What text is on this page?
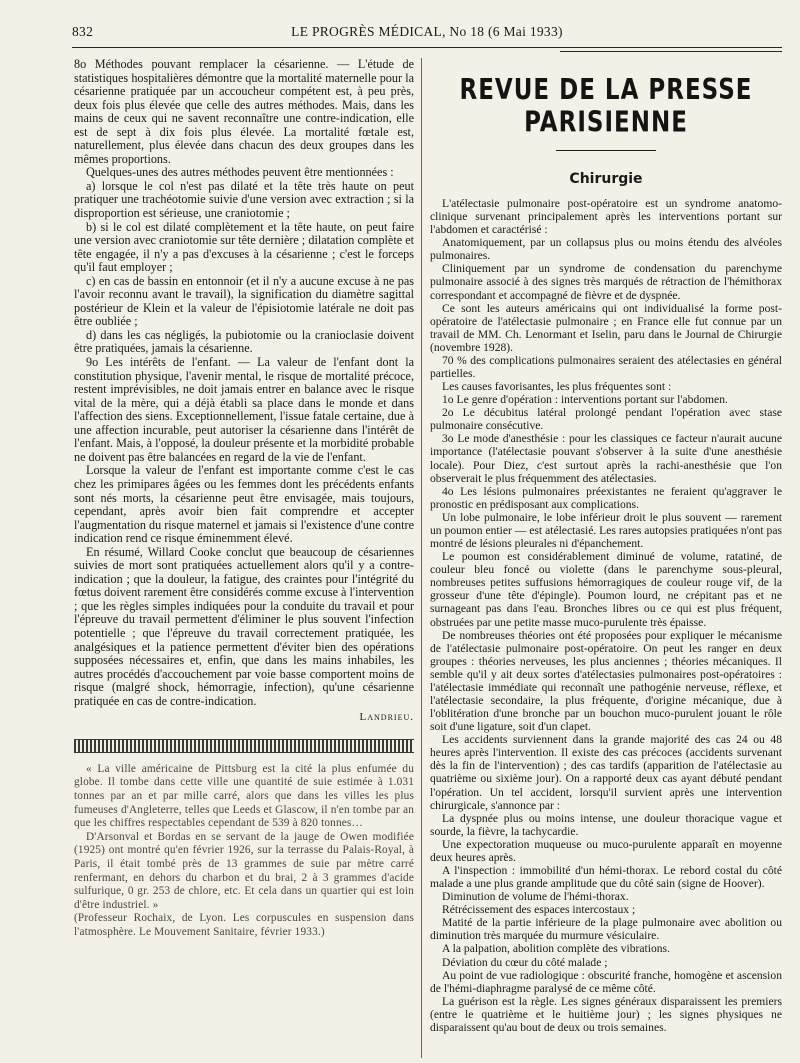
832	LE PROGRÈS MÉDICAL, No 18 (6 Mai 1933)

8o Méthodes pouvant remplacer la césarienne. — L'étude de statistiques hospitalières démontre que la mortalité maternelle pour la césarienne pratiquée par un accoucheur compétent est, à peu près, deux fois plus élevée que celle des autres méthodes. Mais, dans les mains de ceux qui ne savent reconnaître une contre-indication, elle est de sept à dix fois plus élevée. La mortalité fœtale est, naturellement, plus élevée dans chacun des deux groupes dans les mêmes proportions.

Quelques-unes des autres méthodes peuvent être mentionnées :

a) lorsque le col n'est pas dilaté et la tête très haute on peut pratiquer une trachéotomie suivie d'une version avec extraction ; si la disproportion est sérieuse, une craniotomie ;

b) si le col est dilaté complètement et la tête haute, on peut faire une version avec craniotomie sur tête dernière ; dilatation complète et tête engagée, il n'y a pas d'excuses à la césarienne ; c'est le forceps qu'il faut employer ;

c) en cas de bassin en entonnoir (et il n'y a aucune excuse à ne pas l'avoir reconnu avant le travail), la signification du diamètre sagittal postérieur de Klein et la valeur de l'épisiotomie latérale ne doit pas être oubliée ;

d) dans les cas négligés, la pubiotomie ou la cranioclasie doivent être pratiquées, jamais la césarienne.

9o Les intérêts de l'enfant. — La valeur de l'enfant dont la constitution physique, l'avenir mental, le risque de mortalité précoce, restent imprévisibles, ne doit jamais entrer en balance avec le risque vital de la mère, qui a déjà établi sa place dans le monde et dans l'affection des siens. Exceptionnellement, l'issue fatale certaine, due à une affection incurable, peut autoriser la césarienne dans l'intérêt de l'enfant. Mais, à l'opposé, la douleur présente et la morbidité probable ne doivent pas être balancées en regard de la vie de l'enfant.

Lorsque la valeur de l'enfant est importante comme c'est le cas chez les primipares âgées ou les femmes dont les précédents enfants sont nés morts, la césarienne peut être envisagée, mais toujours, cependant, après avoir bien fait comprendre et accepter l'augmentation du risque maternel et jamais si l'existence d'une contre indication rend ce risque éminemment élevé.

En résumé, Willard Cooke conclut que beaucoup de césariennes suivies de mort sont pratiquées actuellement alors qu'il y a contre-indication ; que la douleur, la fatigue, des craintes pour l'intégrité du fœtus doivent rarement être considérés comme excuse à l'intervention ; que les règles simples indiquées pour la conduite du travail et pour l'épreuve du travail permettent d'éliminer le plus souvent l'infection potentielle ; que l'épreuve du travail correctement pratiquée, les analgésiques et la patience permettent d'éviter bien des opérations supposées nécessaires et, enfin, que dans les mains inhabiles, les autres procédés d'accouchement par voie basse comportent moins de risque (malgré shock, hémorragie, infection), qu'une césarienne pratiquée en cas de contre-indication.

Landrieu.

« La ville américaine de Pittsburg est la cité la plus enfumée du globe. Il tombe dans cette ville une quantité de suie estimée à 1.031 tonnes par an et par mille carré, alors que dans les villes les plus fumeuses d'Angleterre, telles que Leeds et Glascow, il n'en tombe par an que les chiffres respectables cependant de 539 à 820 tonnes…

D'Arsonval et Bordas en se servant de la jauge de Owen modifiée (1925) ont montré qu'en février 1926, sur la terrasse du Palais-Royal, à Paris, il était tombé près de 13 grammes de suie par mètre carré renfermant, en dehors du charbon et du brai, 2 à 3 grammes d'acide sulfurique, 0 gr. 253 de chlore, etc. Et cela dans un quartier qui est loin d'être industriel. »

(Professeur Rochaix, de Lyon. Les corpuscules en suspension dans l'atmosphère. Le Mouvement Sanitaire, février 1933.)

REVUE DE LA PRESSE PARISIENNE
Chirurgie

L'atélectasie pulmonaire post-opératoire est un syndrome anatomo-clinique survenant principalement après les interventions portant sur l'abdomen et caractérisé :

Anatomiquement, par un collapsus plus ou moins étendu des alvéoles pulmonaires.

Cliniquement par un syndrome de condensation du parenchyme pulmonaire associé à des signes très marqués de rétraction de l'hémithorax correspondant et accompagné de fièvre et de dyspnée.

Ce sont les auteurs américains qui ont individualisé la forme post-opératoire de l'atélectasie pulmonaire ; en France elle fut connue par un travail de MM. Ch. Lenormant et Iselin, paru dans le Journal de Chirurgie (novembre 1928).

70 % des complications pulmonaires seraient des atélectasies en général partielles.

Les causes favorisantes, les plus fréquentes sont :

1o Le genre d'opération : interventions portant sur l'abdomen.

2o Le décubitus latéral prolongé pendant l'opération avec stase pulmonaire consécutive.

3o Le mode d'anesthésie : pour les classiques ce facteur n'aurait aucune importance (l'atélectasie pouvant s'observer à la suite d'une anesthésie locale). Pour Diez, c'est surtout après la rachi-anesthésie que l'on observerait le plus fréquemment des atélectasies.

4o Les lésions pulmonaires préexistantes ne feraient qu'aggraver le pronostic en prédisposant aux complications.

Un lobe pulmonaire, le lobe inférieur droit le plus souvent — rarement un poumon entier — est atélectasié. Les rares autopsies pratiquées n'ont pas montré de lésions pleurales ni d'épanchement.

Le poumon est considérablement diminué de volume, ratatiné, de couleur bleu foncé ou violette (dans le parenchyme sous-pleural, nombreuses petites suffusions hémorragiques de couleur rouge vif, de la grosseur d'une tête d'épingle). Poumon lourd, ne crépitant pas et ne surnageant pas dans l'eau. Bronches libres ou ce qui est plus fréquent, obstruées par une petite masse muco-purulente très épaisse.

De nombreuses théories ont été proposées pour expliquer le mécanisme de l'atélectasie pulmonaire post-opératoire. On peut les ranger en deux groupes : théories nerveuses, les plus anciennes ; théories mécaniques. Il semble qu'il y ait deux sortes d'atélectasies pulmonaires post-opératoires : l'atélectasie immédiate qui reconnaît une pathogénie nerveuse, réflexe, et l'atélectasie secondaire, la plus fréquente, d'origine mécanique, due à l'oblitération d'une bronche par un bouchon muco-purulent jouant le rôle soit d'une ligature, soit d'un clapet.

Les accidents surviennent dans la grande majorité des cas 24 ou 48 heures après l'intervention. Il existe des cas précoces (accidents survenant dès la fin de l'intervention) ; des cas tardifs (apparition de l'atélectasie au quatrième ou sixième jour). On a rapporté deux cas ayant débuté pendant l'opération. Un tel accident, lorsqu'il survient après une intervention chirurgicale, s'annonce par :

La dyspnée plus ou moins intense, une douleur thoracique vague et sourde, la fièvre, la tachycardie.

Une expectoration muqueuse ou muco-purulente apparaît en moyenne deux heures après.

A l'inspection : immobilité d'un hémi-thorax. Le rebord costal du côté malade a une plus grande amplitude que du côté sain (signe de Hoover).

Diminution de volume de l'hémi-thorax.

Rétrécissement des espaces intercostaux ;

Matité de la partie inférieure de la plage pulmonaire avec abolition ou diminution très marquée du murmure vésiculaire.

A la palpation, abolition complète des vibrations.

Déviation du cœur du côté malade ;

Au point de vue radiologique : obscurité franche, homogène et ascension de l'hémi-diaphragme paralysé de ce même côté.

La guérison est la règle. Les signes généraux disparaissent les premiers (entre le quatrième et le huitième jour) ; les signes physiques ne disparaissent qu'au bout de deux ou trois semaines.
